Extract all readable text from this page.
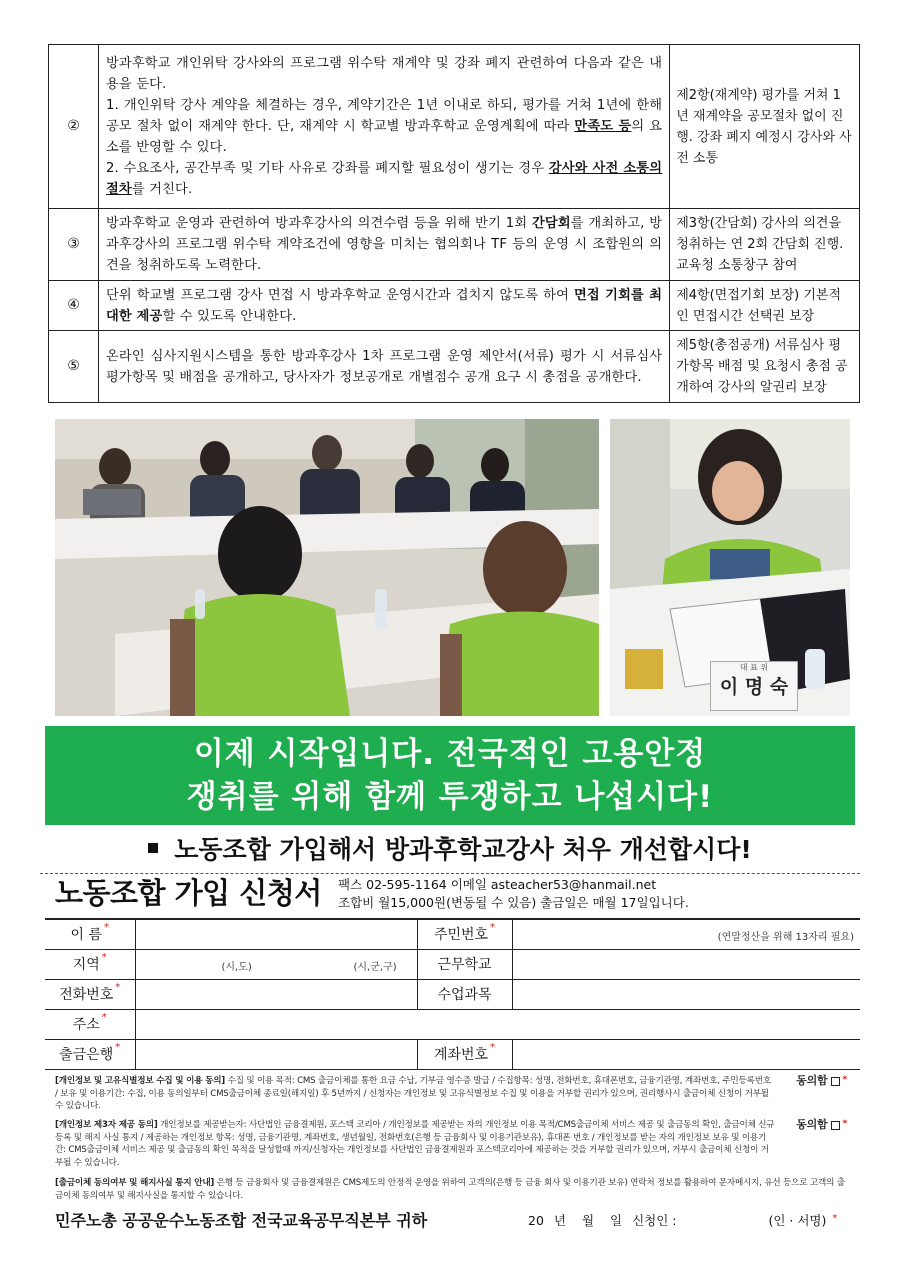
②	방과후학교 개인위탁 강사와의 프로그램 위수탁 재계약 및 강좌 폐지 관련하여 다음과 같은 내용을 둔다.
1. 개인위탁 강사 계약을 체결하는 경우, 계약기간은 1년 이내로 하되, 평가를 거쳐 1년에 한해 공모 절차 없이 재계약 한다. 단, 재계약 시 학교별 방과후학교 운영계획에 따라 만족도 등의 요소를 반영할 수 있다.
2. 수요조사, 공간부족 및 기타 사유로 강좌를 폐지할 필요성이 생기는 경우 강사와 사전 소통의 절차를 거친다.	제2항(재계약) 평가를 거쳐 1년 재계약을 공모절차 없이 진행. 강좌 폐지 예정시 강사와 사전 소통
③	방과후학교 운영과 관련하여 방과후강사의 의견수렴 등을 위해 반기 1회 간담회를 개최하고, 방과후강사의 프로그램 위수탁 계약조건에 영향을 미치는 협의회나 TF 등의 운영 시 조합원의 의견을 청취하도록 노력한다.	제3항(간담회) 강사의 의견을 청취하는 연 2회 간담회 진행. 교육청 소통창구 참여
④	단위 학교별 프로그램 강사 면접 시 방과후학교 운영시간과 겹치지 않도록 하여 면접 기회를 최대한 제공할 수 있도록 안내한다.	제4항(면접기회 보장) 기본적인 면접시간 선택권 보장
⑤	온라인 심사지원시스템을 통한 방과후강사 1차 프로그램 운영 제안서(서류) 평가 시 서류심사 평가항목 및 배점을 공개하고, 당사자가 정보공개로 개별점수 공개 요구 시 총점을 공개한다.	제5항(총점공개) 서류심사 평가항목 배점 및 요청시 총점 공개하여 강사의 알권리 보장
대 표 위
이 명 숙
이제 시작입니다. 전국적인 고용안정
쟁취를 위해 함께 투쟁하고 나섭시다!
노동조합 가입해서 방과후학교강사 처우 개선합시다!
노동조합 가입 신청서 팩스 02-595-1164 이메일 asteacher53@hanmail.net
조합비 월15,000원(변동될 수 있음) 출금일은 매월 17일입니다.
이 름 *		주민번호 *	(연말정산을 위해 13자리 필요)

지역 *	(시,도) (시,군,구)	근무학교	
전화번호 *		수업과목	
주소 *	
출금은행 *		계좌번호 *	
[개인정보 및 고유식별정보 수집 및 이용 동의] 수집 및 이용 목적: CMS 출금이체를 통한 요금 수납, 기부금 영수증 발급 / 수집항목: 성명, 전화번호, 휴대폰번호, 금융기관명, 계좌번호, 주민등록번호 / 보유 및 이용기간: 수집, 이용 동의일부터 CMS출금이체 종료일(해지일) 후 5년까지 / 신청자는 개인정보 및 고유식별정보 수집 및 이용을 거부할 권리가 있으며, 권리행사시 출금이체 신청이 거부될 수 있습니다.
동의함 *
[개인정보 제3자 제공 동의] 개인정보를 제공받는자: 사단법인 금융결제원, 포스텍 코리아 / 개인정보를 제공받는 자의 개인정보 이용 목적/CMS출금이체 서비스 제공 및 출금동의 확인, 출금이체 신규등록 및 해지 사실 통지 / 제공하는 개인정보 항목: 성명, 금융기관명, 계좌번호, 생년월일, 전화번호(은행 등 금융회사 및 이용기관보유), 휴대폰 번호 / 개인정보를 받는 자의 개인정보 보유 및 이용기간: CMS출금이체 서비스 제공 및 출금동의 확인 목적을 달성할때 까지/신청자는 개인정보를 사단법인 금융결제원과 포스텍코리아에 제공하는 것을 거부할 권리가 있으며, 거부시 출금이체 신청이 거부될 수 있습니다.
동의함 *
[출금이체 동의여부 및 해지사실 통지 안내] 은행 등 금융회사 및 금융결제원은 CMS제도의 안정적 운영을 위하여 고객의(은행 등 금융 회사 및 이용기관 보유) 연락처 정보를 활용하여 문자메시지, 유선 등으로 고객의 출금이체 동의여부 및 해지사실을 통지할 수 있습니다.
민주노총 공공운수노동조합 전국교육공무직본부 귀하	20 년 월 일 신청인 :	(인 · 서명) *
